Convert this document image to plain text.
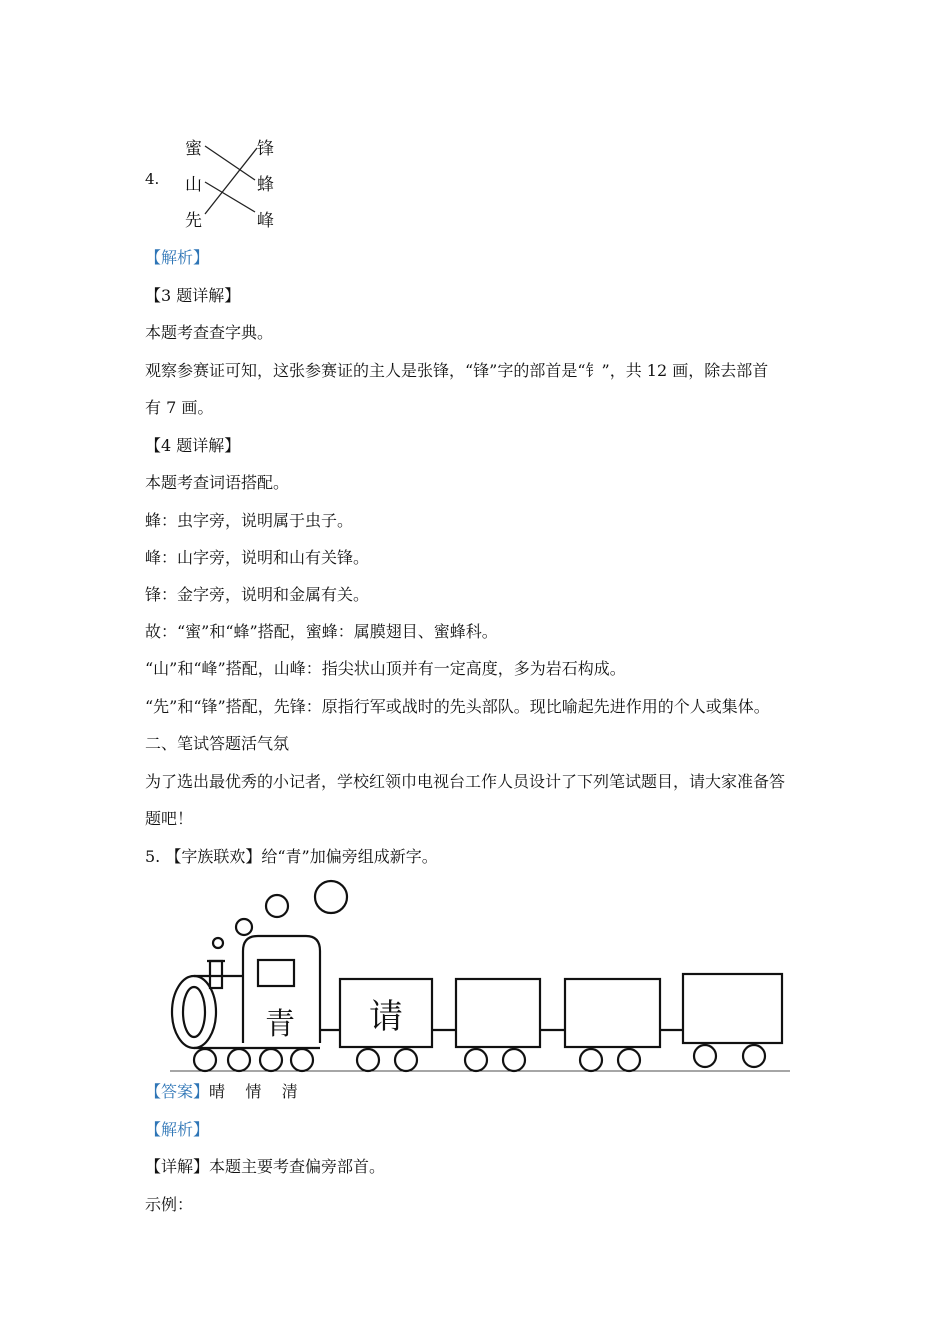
4.
蜜
山
先
锋
蜂
峰
【解析】
【3 题详解】
本题考查查字典。
观察参赛证可知，这张参赛证的主人是张锋，“锋”字的部首是“钅”，共 12 画，除去部首
有 7 画。
【4 题详解】
本题考查词语搭配。
蜂：虫字旁，说明属于虫子。
峰：山字旁，说明和山有关锋。
锋：金字旁，说明和金属有关。
故：“蜜”和“蜂”搭配，蜜蜂：属膜翅目、蜜蜂科。
“山”和“峰”搭配，山峰：指尖状山顶并有一定高度，多为岩石构成。
“先”和“锋”搭配，先锋：原指行军或战时的先头部队。现比喻起先进作用的个人或集体。
二、笔试答题活气氛
为了选出最优秀的小记者，学校红领巾电视台工作人员设计了下列笔试题目，请大家准备答
题吧！
5. 【字族联欢】给“青”加偏旁组成新字。
青 请
【答案】晴    情    清
【解析】
【详解】本题主要考查偏旁部首。
示例：
